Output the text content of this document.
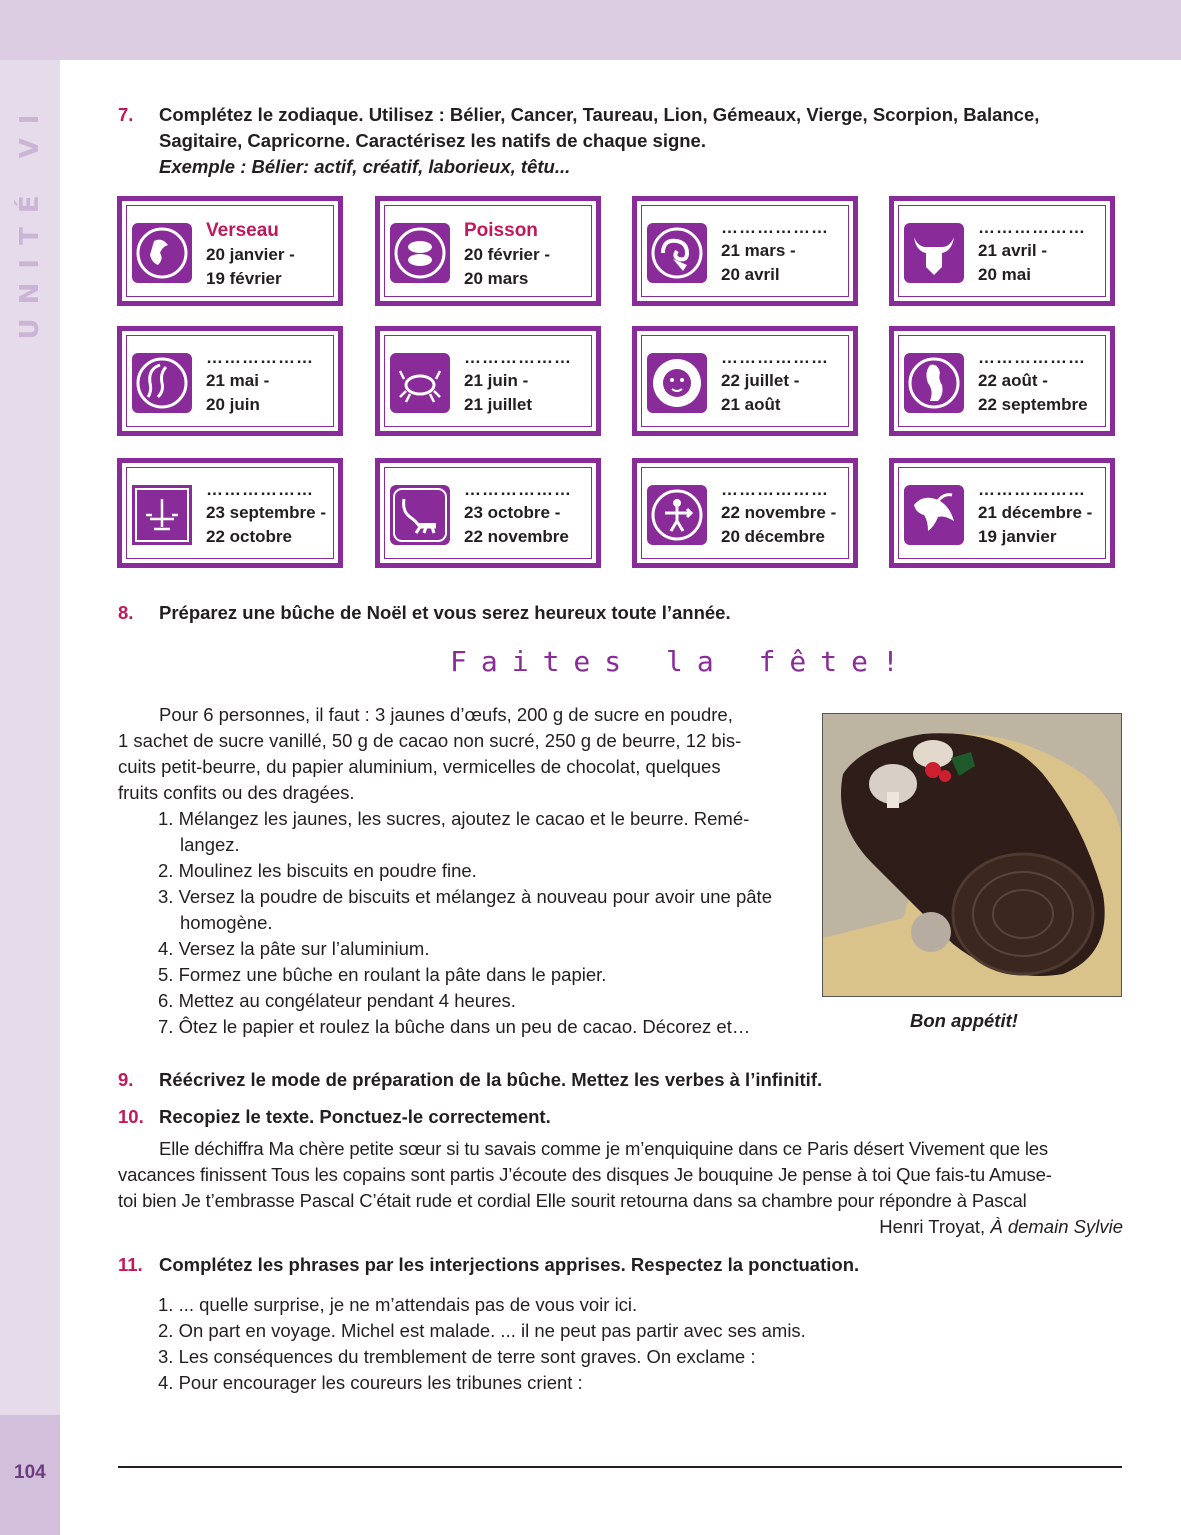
UNITÉ VI
104
7. Complétez le zodiaque. Utilisez : Bélier, Cancer, Taureau, Lion, Gémeaux, Vierge, Scorpion, Balance,
Sagitaire, Capricorne. Caractérisez les natifs de chaque signe.
Exemple : Bélier: actif, créatif, laborieux, têtu...
Verseau
20 janvier -
19 février
Poisson
20 février -
20 mars
………………
21 mars -
20 avril
………………
21 avril -
20 mai
………………
21 mai -
20 juin
………………
21 juin -
21 juillet
………………
22 juillet -
21 août
………………
22 août -
22 septembre
………………
23 septembre -
22 octobre
………………
23 octobre -
22 novembre
………………
22 novembre -
20 décembre
………………
21 décembre -
19 janvier
8. Préparez une bûche de Noël et vous serez heureux toute l’année.
Faites la fête!
Pour 6 personnes, il faut : 3 jaunes d’œufs, 200 g de sucre en poudre,
1 sachet de sucre vanillé, 50 g de cacao non sucré, 250 g de beurre, 12 bis-
cuits petit-beurre, du papier aluminium, vermicelles de chocolat, quelques
fruits confits ou des dragées.
1. Mélangez les jaunes, les sucres, ajoutez le cacao et le beurre. Remé-langez.
2. Moulinez les biscuits en poudre fine.
3. Versez la poudre de biscuits et mélangez à nouveau pour avoir une pâte homogène.
4. Versez la pâte sur l’aluminium.
5. Formez une bûche en roulant la pâte dans le papier.
6. Mettez au congélateur pendant 4 heures.
7. Ôtez le papier et roulez la bûche dans un peu de cacao. Décorez et…	Bon appétit!
9. Réécrivez le mode de préparation de la bûche. Mettez les verbes à l’infinitif.
10. Recopiez le texte. Ponctuez-le correctement.
Elle déchiffra Ma chère petite sœur si tu savais comme je m’enquiquine dans ce Paris désert Vivement que les
vacances finissent Tous les copains sont partis J’écoute des disques Je bouquine Je pense à toi Que fais-tu Amuse-
toi bien Je t’embrasse Pascal C’était rude et cordial Elle sourit retourna dans sa chambre pour répondre à Pascal
Henri Troyat, À demain Sylvie
11. Complétez les phrases par les interjections apprises. Respectez la ponctuation.
1. ... quelle surprise, je ne m’attendais pas de vous voir ici.
2. On part en voyage. Michel est malade. ... il ne peut pas partir avec ses amis.
3. Les conséquences du tremblement de terre sont graves. On exclame :
4. Pour encourager les coureurs les tribunes crient :
